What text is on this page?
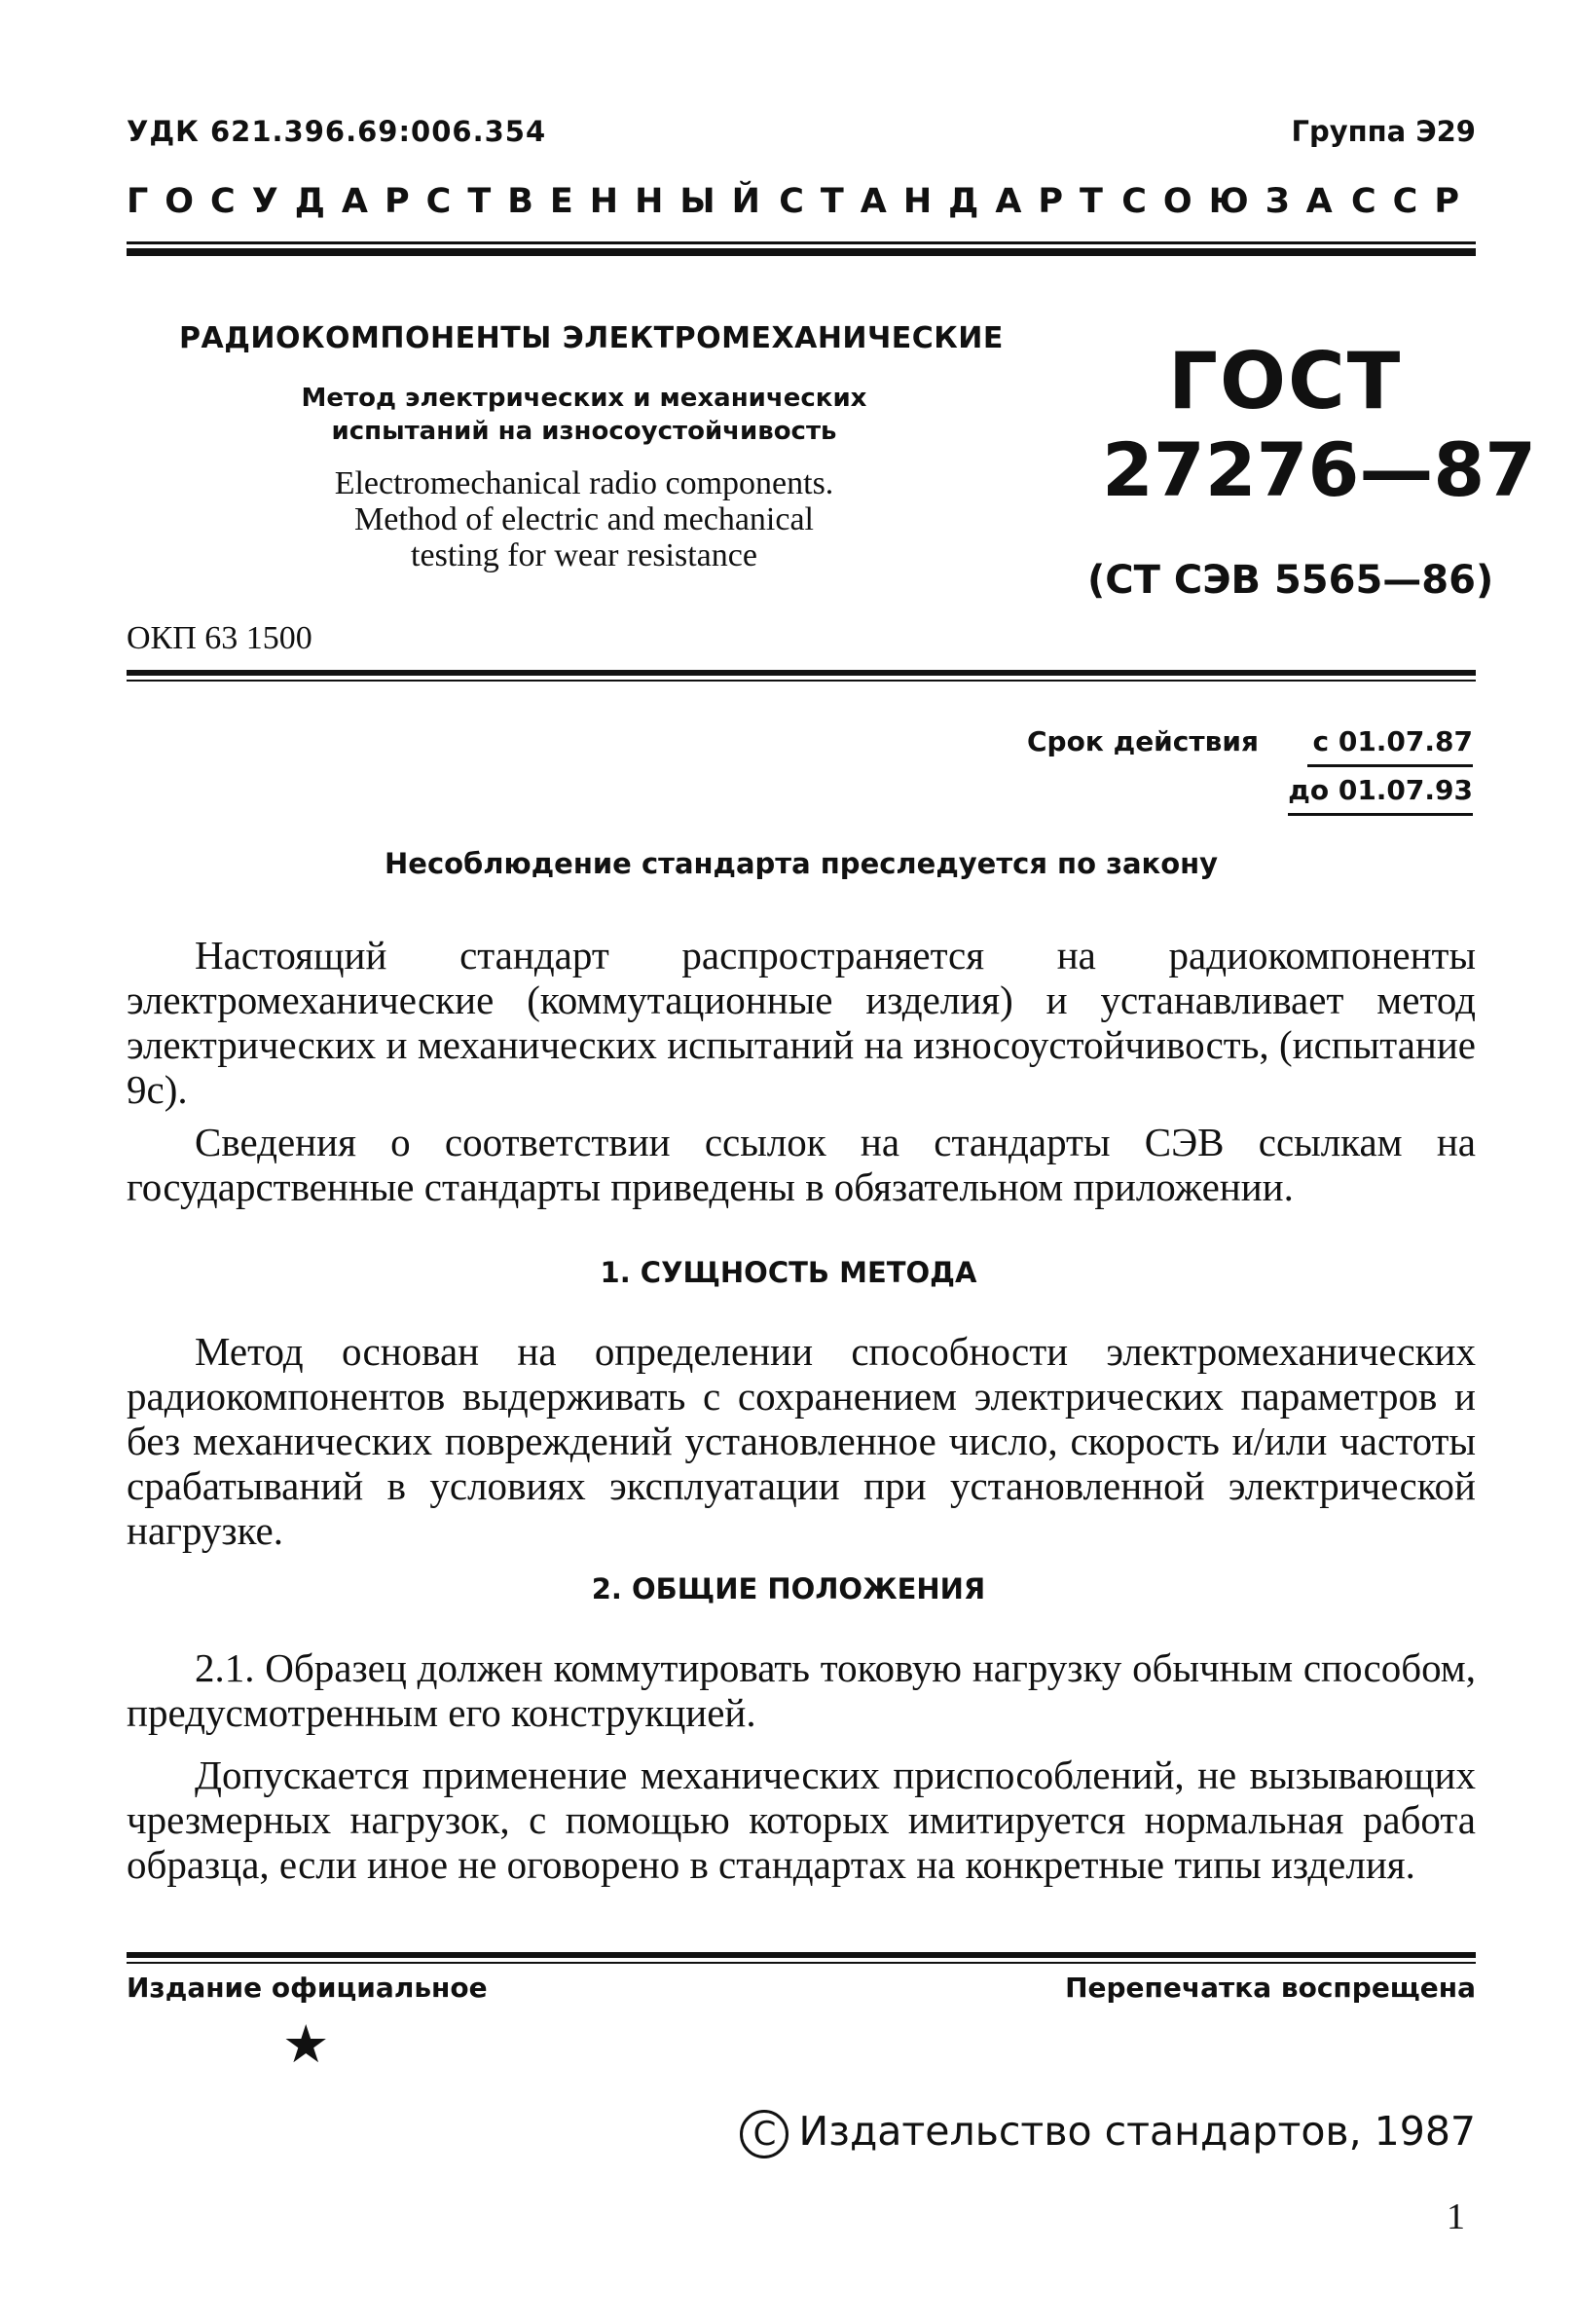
УДК 621.396.69:006.354	Группа Э29
ГОСУДАРСТВЕННЫЙ СТАНДАРТ СОЮЗА ССР
РАДИОКОМПОНЕНТЫ ЭЛЕКТРОМЕХАНИЧЕСКИЕ
Метод электрических и механических
испытаний на износоустойчивость
Electromechanical radio components.
Method of electric and mechanical
testing for wear resistance
ГОСТ
27276—87
(СТ СЭВ 5565—86)
ОКП 63 1500
Срок действия с 01.07.87
до 01.07.93
Несоблюдение стандарта преследуется по закону

Настоящий стандарт распространяется на радиокомпоненты электромеханические (коммутационные изделия) и устанавливает метод электрических и механических испытаний на износоустойчивость, (испытание 9с).

Сведения о соответствии ссылок на стандарты СЭВ ссылкам на государственные стандарты приведены в обязательном приложении.

1. СУЩНОСТЬ МЕТОДА

Метод основан на определении способности электромеханических радиокомпонентов выдерживать с сохранением электрических параметров и без механических повреждений установленное число, скорость и/или частоты срабатываний в условиях эксплуатации при установленной электрической нагрузке.

2. ОБЩИЕ ПОЛОЖЕНИЯ

2.1. Образец должен коммутировать токовую нагрузку обычным способом, предусмотренным его конструкцией.

Допускается применение механических приспособлений, не вызывающих чрезмерных нагрузок, с помощью которых имитируется нормальная работа образца, если иное не оговорено в стандартах на конкретные типы изделия.

Издание официальное	Перепечатка воспрещена
★
C Издательство стандартов, 1987
1
